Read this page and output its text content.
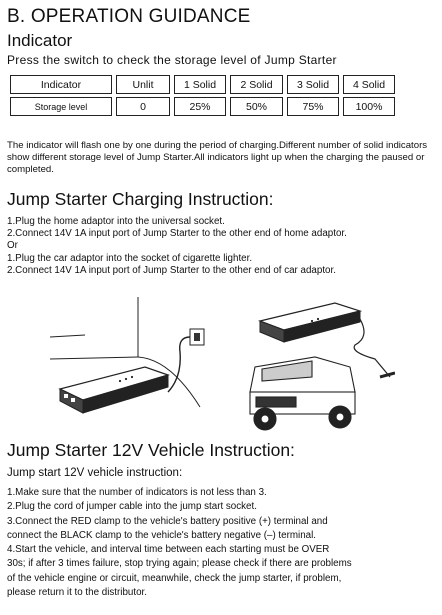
B. OPERATION GUIDANCE
Indicator
Press the switch to check the storage level of Jump Starter
Indicator	Unlit	1 Solid	2 Solid	3 Solid	4 Solid
Storage level	0	25%	50%	75%	100%
The indicator will flash one by one during the period of charging.Different number of solid indicators show different storage level of Jump Starter.All indicators light up when the charging the paused or completed.
Jump Starter Charging Instruction:
1.Plug the home adaptor into the universal socket.
2.Connect 14V 1A input port of Jump Starter to the other end of home adaptor.
Or
1.Plug the car adaptor into the socket of cigarette lighter.
2.Connect 14V 1A input port of Jump Starter to the other end of car adaptor.
Jump Starter 12V Vehicle Instruction:
Jump start 12V vehicle instruction:
1.Make sure that the number of indicators is not less than 3.
2.Plug the cord of jumper cable into the jump start socket.
3.Connect the RED clamp to the vehicle's battery positive (+) terminal and
connect the BLACK clamp to the vehicle's battery negative (–) terminal.
4.Start the vehicle, and interval time between each starting must be OVER
30s; if after 3 times failure, stop trying again; please check if there are problems
of the vehicle engine or circuit, meanwhile, check the jump starter, if problem,
please return it to the distributor.
